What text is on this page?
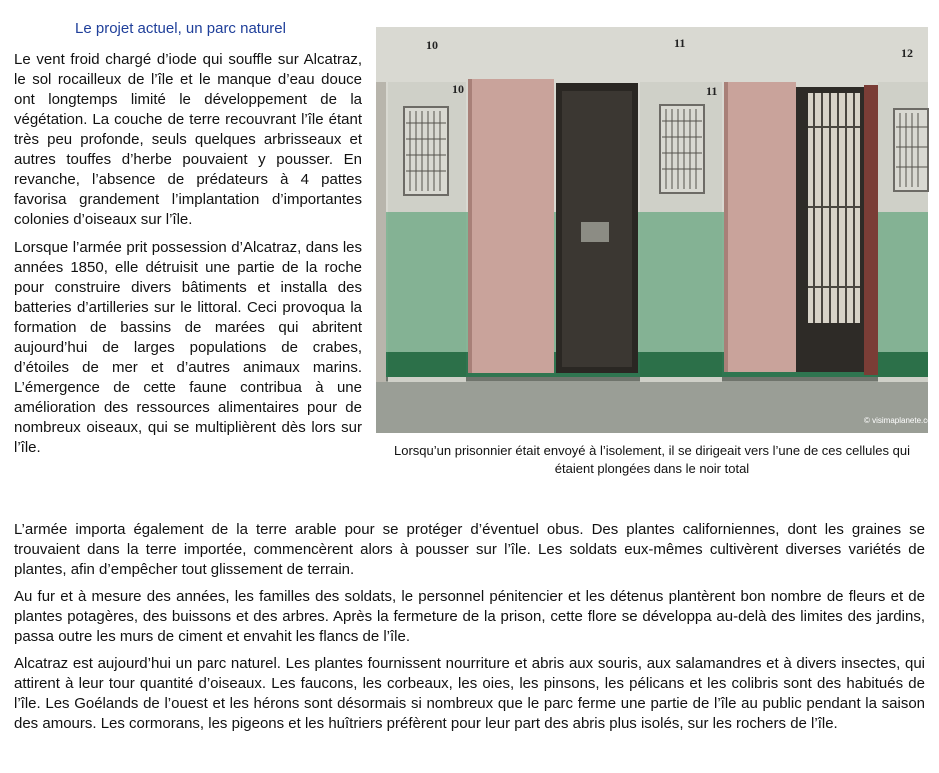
Le projet actuel, un parc naturel

Le vent froid chargé d’iode qui souffle sur Alcatraz, le sol rocailleux de l’île et le manque d’eau douce ont longtemps limité le développement de la végétation. La couche de terre recouvrant l’île étant très peu profonde, seuls quelques arbrisseaux et autres touffes d’herbe pouvaient y pousser. En revanche, l’absence de prédateurs à 4 pattes favorisa grandement l’implantation d’importantes colonies d’oiseaux sur l’île.

Lorsque l’armée prit possession d’Alcatraz, dans les années 1850, elle détruisit une partie de la roche pour construire divers bâtiments et installa des batteries d’artilleries sur le littoral. Ceci provoqua la formation de bassins de marées qui abritent aujourd’hui de larges populations de crabes, d’étoiles de mer et d’autres animaux marins. L’émergence de cette faune contribua à une amélioration des ressources alimentaires pour de nombreux oiseaux, qui se multiplièrent dès lors sur l’île.

10	11
12
10	11
© visimaplanete.com
Lorsqu’un prisonnier était envoyé à l’isolement, il se dirigeait vers l’une de ces cellules qui étaient plongées dans le noir total

L’armée importa également de la terre arable pour se protéger d’éventuel obus. Des plantes californiennes, dont les graines se trouvaient dans la terre importée, commencèrent alors à pousser sur l’île. Les soldats eux-mêmes cultivèrent diverses variétés de plantes, afin d’empêcher tout glissement de terrain.

Au fur et à mesure des années, les familles des soldats, le personnel pénitencier et les détenus plantèrent bon nombre de fleurs et de plantes potagères, des buissons et des arbres. Après la fermeture de la prison, cette flore se développa au-delà des limites des jardins, passa outre les murs de ciment et envahit les flancs de l’île.

Alcatraz est aujourd’hui un parc naturel. Les plantes fournissent nourriture et abris aux souris, aux salamandres et à divers insectes, qui attirent à leur tour quantité d’oiseaux. Les faucons, les corbeaux, les oies, les pinsons, les pélicans et les colibris sont des habitués de l’île. Les Goélands de l’ouest et les hérons sont désormais si nombreux que le parc ferme une partie de l’île au public pendant la saison des amours. Les cormorans, les pigeons et les huîtriers préfèrent pour leur part des abris plus isolés, sur les rochers de l’île.
